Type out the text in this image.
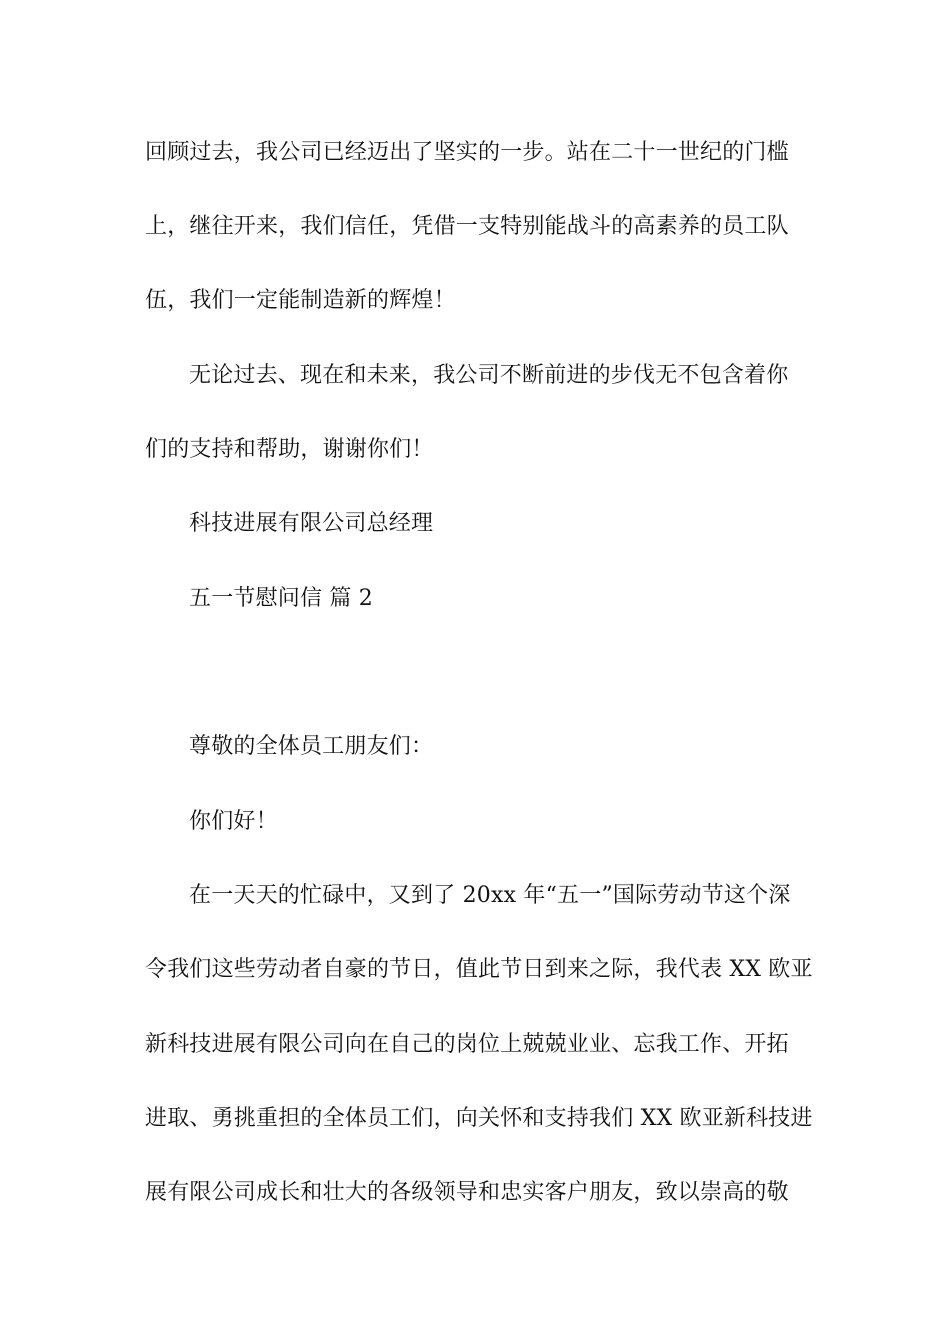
回顾过去，我公司已经迈出了坚实的一步。站在二十一世纪的门槛
上，继往开来，我们信任，凭借一支特别能战斗的高素养的员工队
伍，我们一定能制造新的辉煌！
无论过去、现在和未来，我公司不断前进的步伐无不包含着你
们的支持和帮助，谢谢你们！
科技进展有限公司总经理
五一节慰问信 篇 2
尊敬的全体员工朋友们：
你们好！
在一天天的忙碌中，又到了 20xx 年“五一”国际劳动节这个深
令我们这些劳动者自豪的节日，值此节日到来之际，我代表 XX 欧亚
新科技进展有限公司向在自己的岗位上兢兢业业、忘我工作、开拓
进取、勇挑重担的全体员工们，向关怀和支持我们 XX 欧亚新科技进
展有限公司成长和壮大的各级领导和忠实客户朋友，致以崇高的敬
